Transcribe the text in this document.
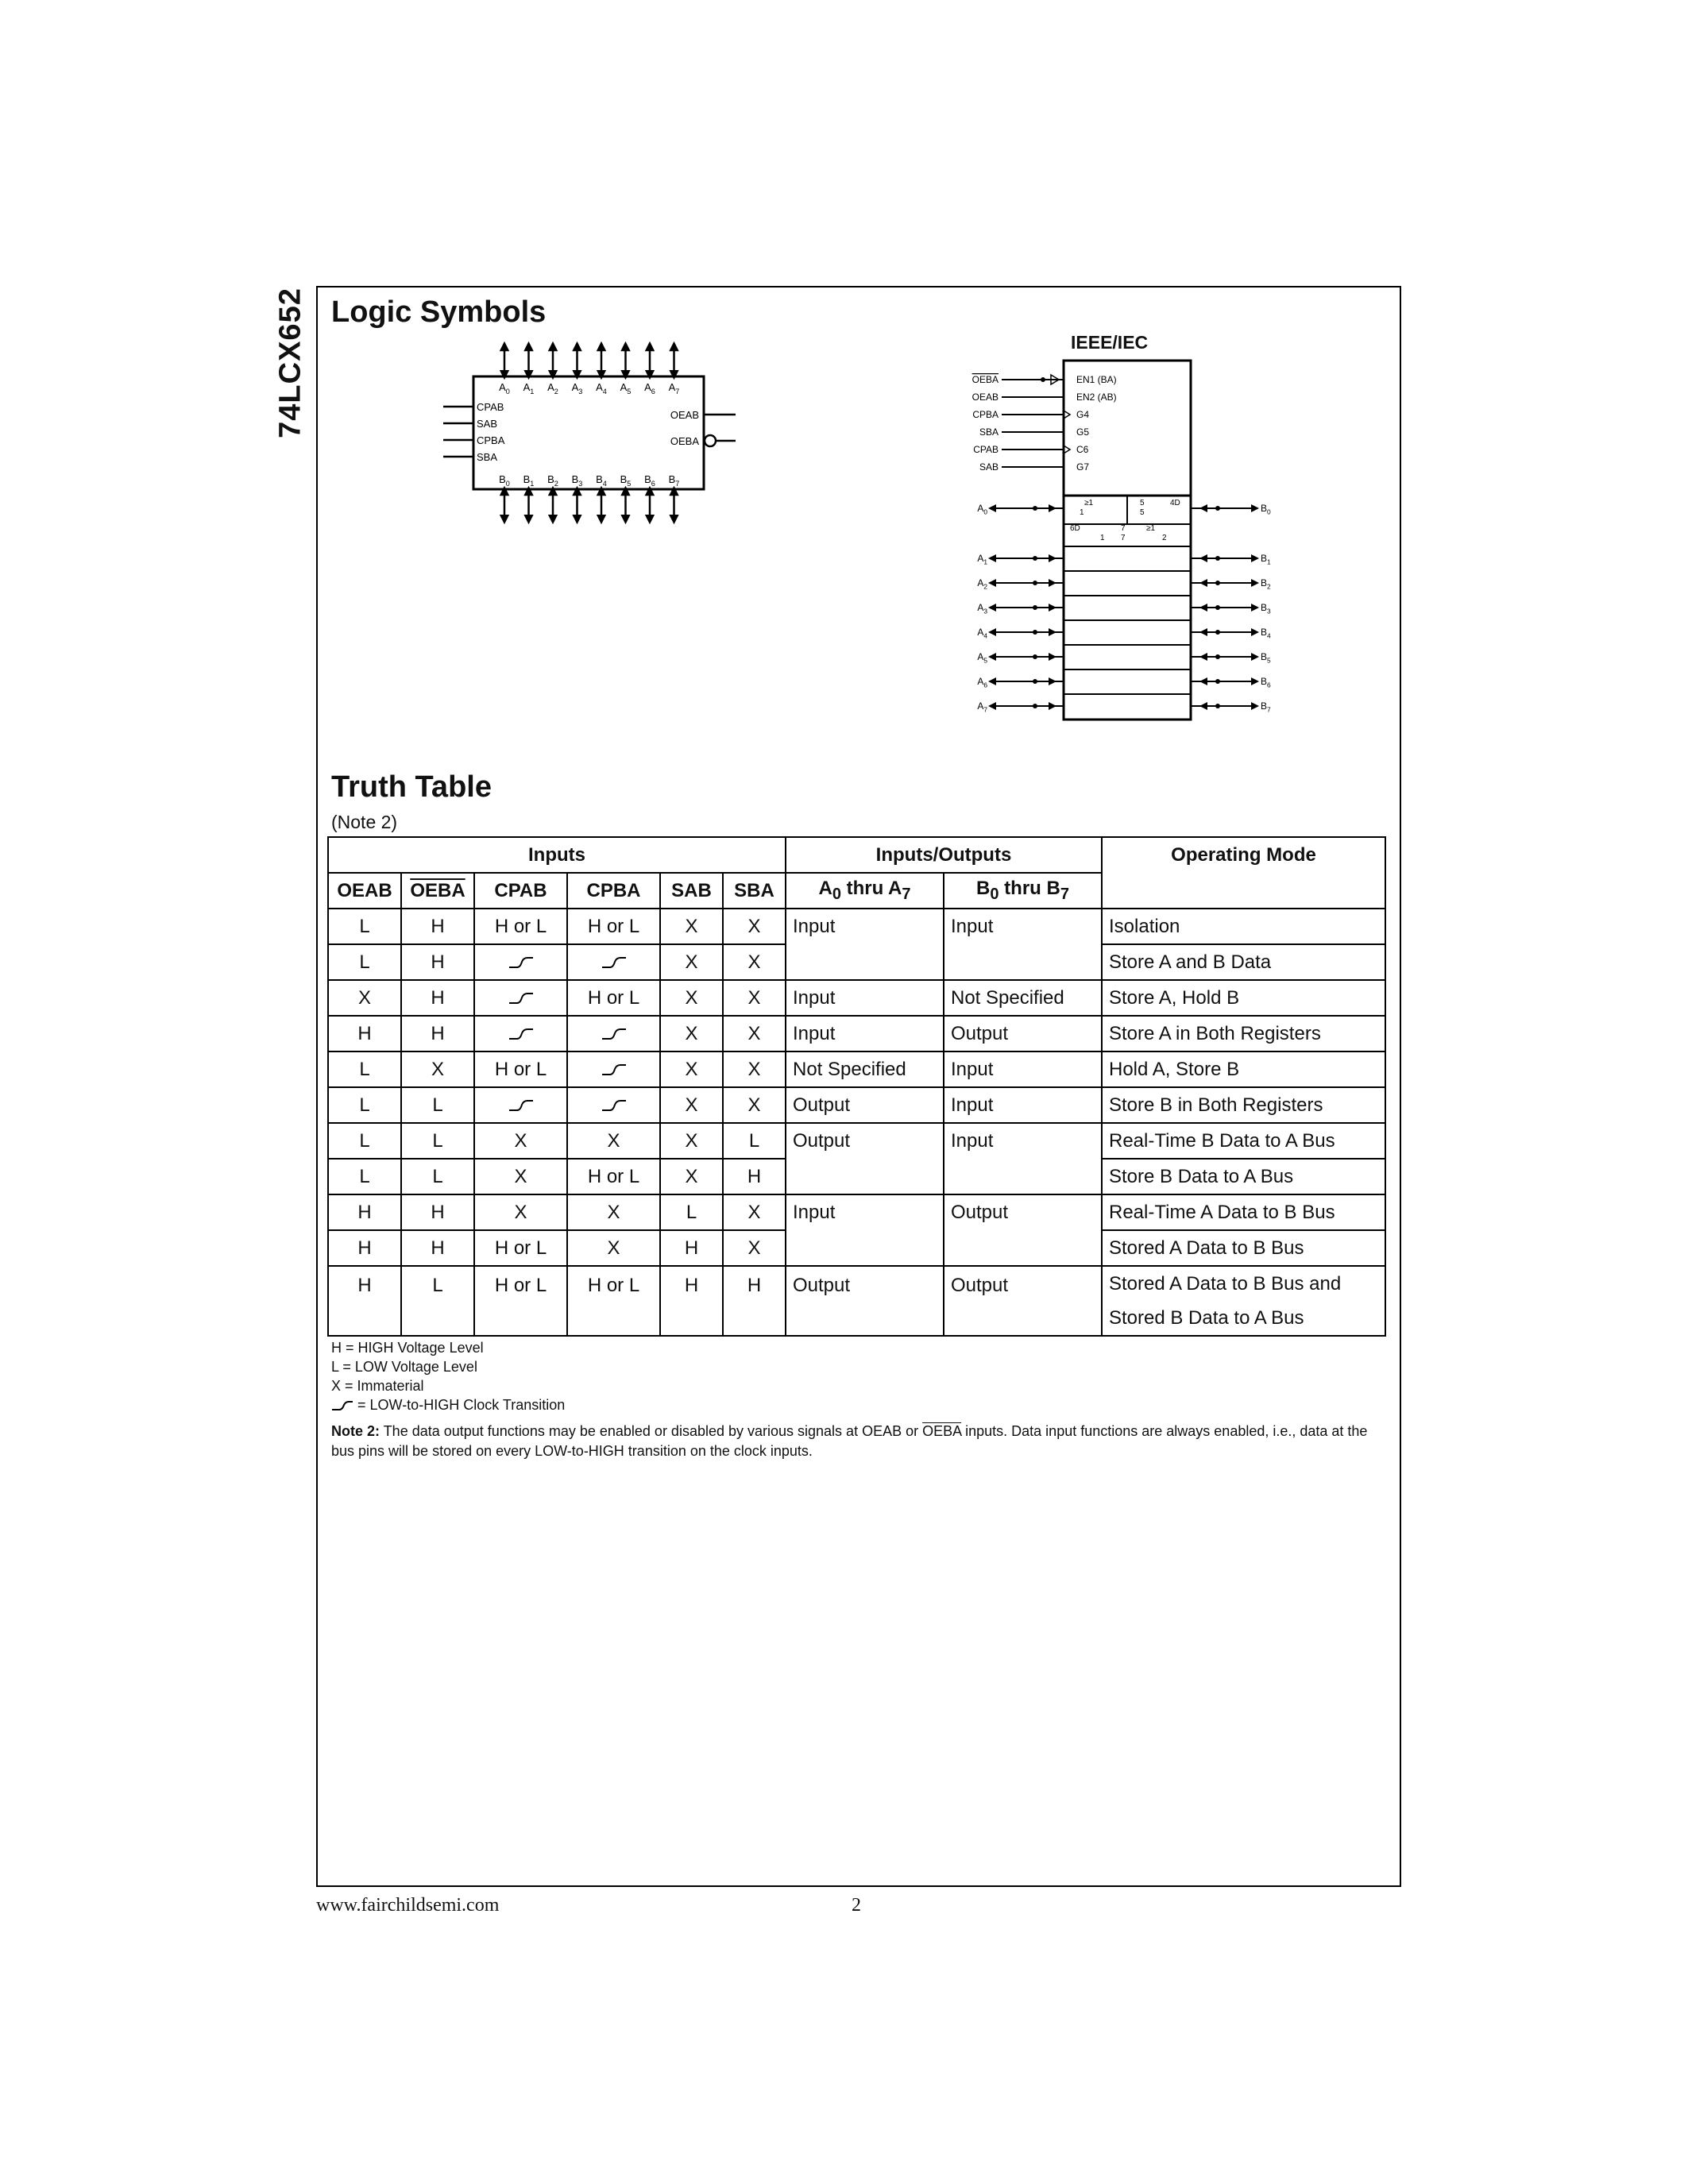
74LCX652 Logic Symbols
$A_0$ $A_1$ $A_2$ $A_3$ $A_4$ $A_5$ $A_6$ $A_7$
$B_0$ $B_1$ $B_2$ $B_3$ $B_4$ $B_5$ $B_6$ $B_7$
CPAB
SAB
CPBA
SBA
OEAB
OEBA
IEEE/IEC
OEBA
OEAB
CPBA
SBA
CPAB
SAB
EN1 (BA)
EN2 (AB)
G4
G5
C6
G7
≥1
1
5	4D
5
6D	7	≥1
1 7	2
$A_0$	$B_0$
$A_1$	$B_1$
$A_2$	$B_2$
$A_3$	$B_3$
$A_4$	$B_4$
$A_5$	$B_5$
$A_6$	$B_6$
$A_7$	$B_7$
Truth Table
(Note 2)
Inputs						Inputs/Outputs		Operating Mode
OEAB	OEBA	CPAB	CPBA	SAB	SBA	$A_0$ thru $A_7$	$B_0$ thru $B_7$
L	H	H or L	H or L	X	X	Input	Input	Isolation
L	H			X	X			Store A and B Data
X	H		H or L	X	X	Input	Not Specified	Store A, Hold B
H	H			X	X	Input	Output	Store A in Both Registers
L	X	H or L		X	X	Not Specified	Input	Hold A, Store B
L	L			X	X	Output	Input	Store B in Both Registers
L	L	X	X	X	L	Output	Input	Real-Time B Data to A Bus
L	L	X	H or L	X	H			Store B Data to A Bus
H	H	X	X	L	X	Input	Output	Real-Time A Data to B Bus
H	H	H or L	X	H	X			Stored A Data to B Bus
H	L	H or L	H or L	H	H	Output	Output	Stored A Data to B Bus and
Stored B Data to A Bus
H = HIGH Voltage Level
L = LOW Voltage Level
X = Immaterial
= LOW-to-HIGH Clock Transition
Note 2: The data output functions may be enabled or disabled by various signals at OEAB or OEBA inputs. Data input functions are always enabled, i.e., data at the bus pins will be stored on every LOW-to-HIGH transition on the clock inputs.
www.fairchildsemi.com	2
